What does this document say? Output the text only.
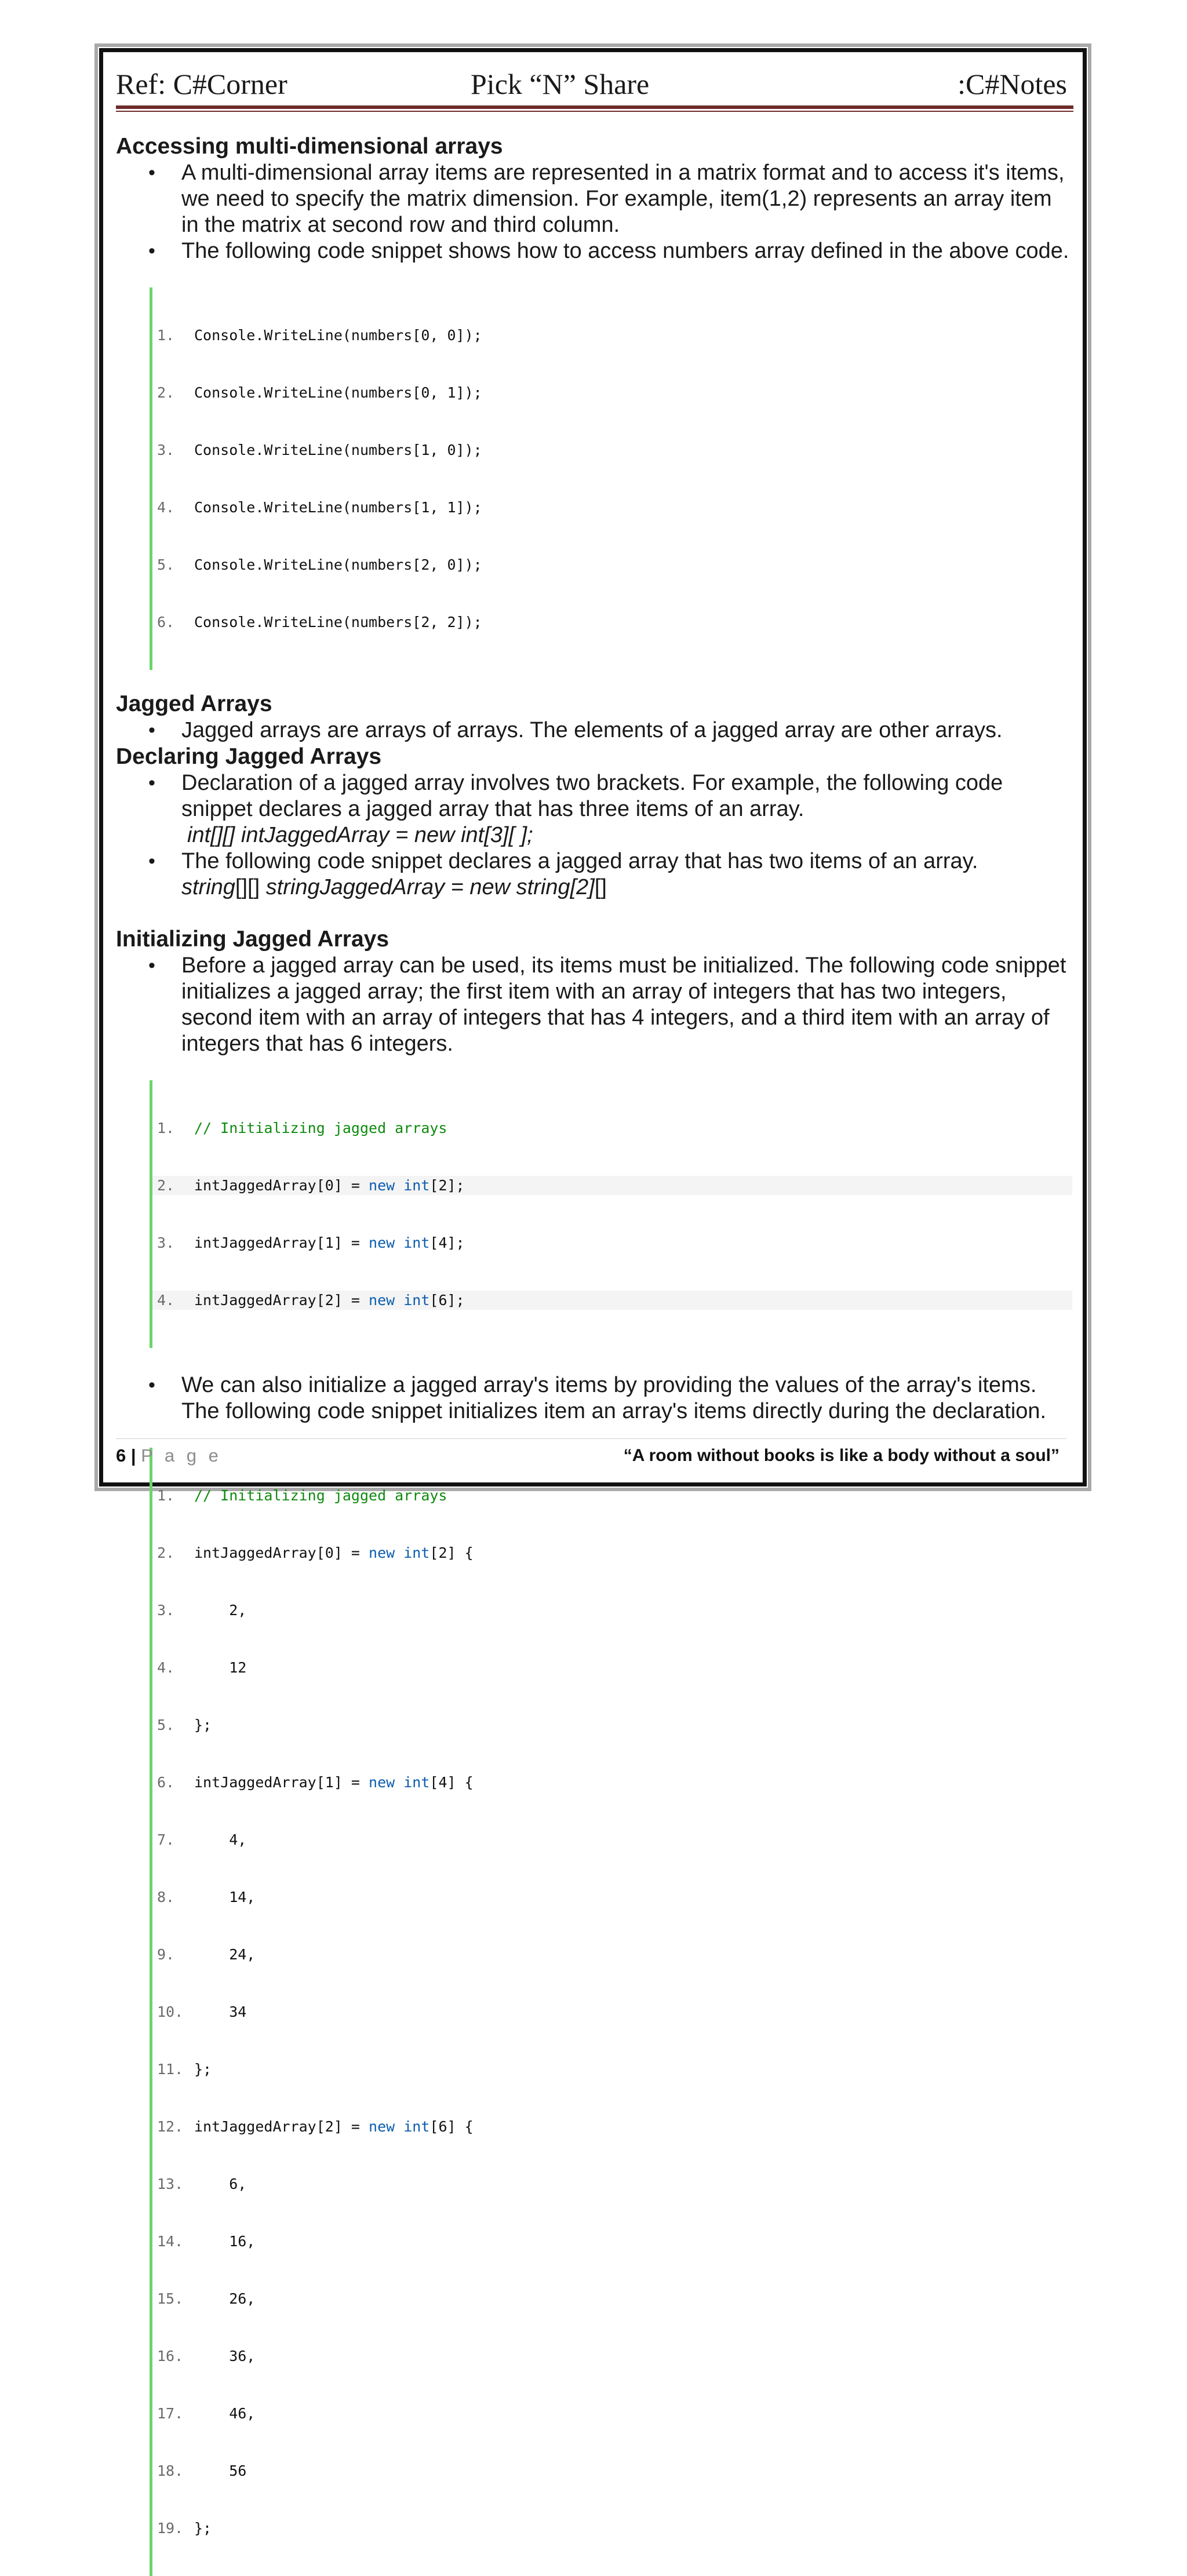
Ref: C#Corner	Pick “N” Share	:C#Notes
Accessing multi-dimensional arrays
• A multi-dimensional array items are represented in a matrix format and to access it's items, we need to specify the matrix dimension. For example, item(1,2) represents an array item in the matrix at second row and third column.
• The following code snippet shows how to access numbers array defined in the above code.

1.	Console.WriteLine(numbers[0, 0]);

2.	Console.WriteLine(numbers[0, 1]);

3.	Console.WriteLine(numbers[1, 0]);

4.	Console.WriteLine(numbers[1, 1]);

5.	Console.WriteLine(numbers[2, 0]);

6.	Console.WriteLine(numbers[2, 2]);

Jagged Arrays
• Jagged arrays are arrays of arrays. The elements of a jagged array are other arrays.
Declaring Jagged Arrays
• Declaration of a jagged array involves two brackets. For example, the following code snippet declares a jagged array that has three items of an array.
int[][] intJaggedArray = new int[3][ ];
• The following code snippet declares a jagged array that has two items of an array.
string[][] stringJaggedArray = new string[2][]
Initializing Jagged Arrays
• Before a jagged array can be used, its items must be initialized. The following code snippet initializes a jagged array; the first item with an array of integers that has two integers, second item with an array of integers that has 4 integers, and a third item with an array of integers that has 6 integers.

1.	// Initializing jagged arrays

2.	intJaggedArray[0] = new int[2];

3.	intJaggedArray[1] = new int[4];

4.	intJaggedArray[2] = new int[6];

• We can also initialize a jagged array's items by providing the values of the array's items. The following code snippet initializes item an array's items directly during the declaration.

1.	// Initializing jagged arrays

2.	intJaggedArray[0] = new int[2] {

3.	2,

4.	12

5.	};

6.	intJaggedArray[1] = new int[4] {

7.	4,

8.	14,

9.	24,

10. 34

11. };

12. intJaggedArray[2] = new int[6] {

13. 6,

14. 16,

15. 26,

16. 36,

17. 46,

18. 56

19. };

6 | P a g e	“A room without books is like a body without a soul”
